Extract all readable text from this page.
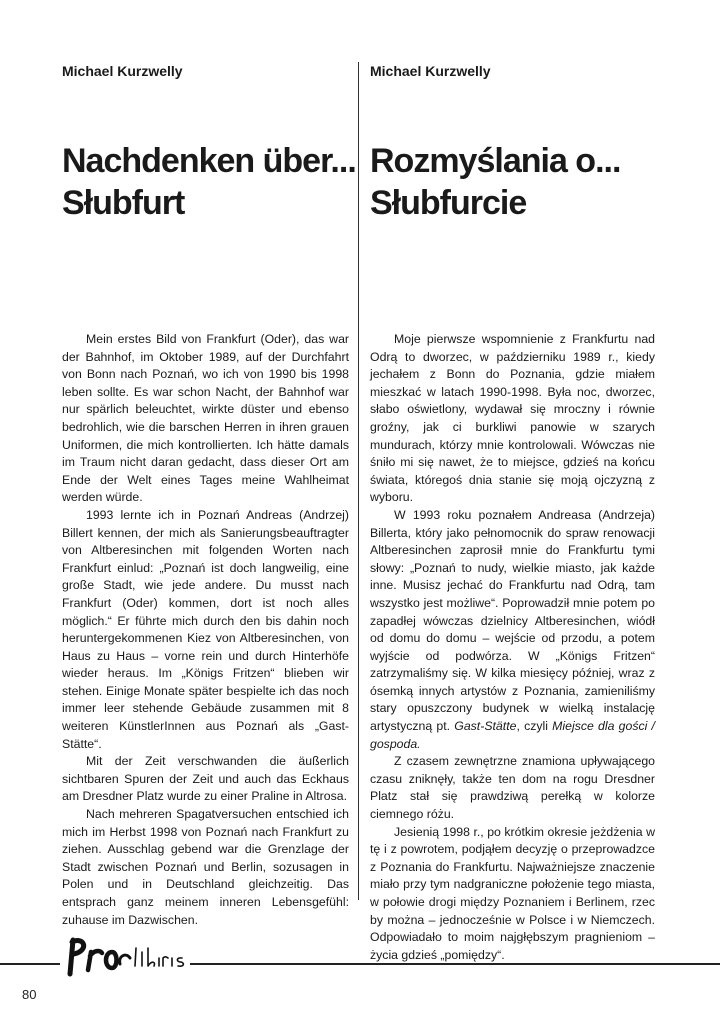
Michael Kurzwelly
Nachdenken über...
Słubfurt

Mein erstes Bild von Frankfurt (Oder), das war der Bahnhof, im Oktober 1989, auf der Durchfahrt von Bonn nach Poznań, wo ich von 1990 bis 1998 leben sollte. Es war schon Nacht, der Bahnhof war nur spärlich beleuchtet, wirkte düster und ebenso bedrohlich, wie die barschen Herren in ihren grauen Uniformen, die mich kontrollierten. Ich hätte damals im Traum nicht daran gedacht, dass dieser Ort am Ende der Welt eines Tages meine Wahlheimat werden würde.

1993 lernte ich in Poznań Andreas (Andrzej) Billert kennen, der mich als Sanierungsbeauftragter von Altberesinchen mit folgenden Worten nach Frankfurt einlud: „Poznań ist doch langweilig, eine große Stadt, wie jede andere. Du musst nach Frankfurt (Oder) kommen, dort ist noch alles möglich.“ Er führte mich durch den bis dahin noch heruntergekommenen Kiez von Altberesinchen, von Haus zu Haus – vorne rein und durch Hinterhöfe wieder heraus. Im „Königs Fritzen“ blieben wir stehen. Einige Monate später bespielte ich das noch immer leer stehende Gebäude zusammen mit 8 weiteren KünstlerInnen aus Poznań als „Gast-Stätte“.

Mit der Zeit verschwanden die äußerlich sichtbaren Spuren der Zeit und auch das Eckhaus am Dresdner Platz wurde zu einer Praline in Altrosa.

Nach mehreren Spagatversuchen entschied ich mich im Herbst 1998 von Poznań nach Frankfurt zu ziehen. Ausschlag gebend war die Grenzlage der Stadt zwischen Poznań und Berlin, sozusagen in Polen und in Deutschland gleichzeitig. Das entsprach ganz meinem inneren Lebensgefühl: zuhause im Dazwischen.

Michael Kurzwelly
Rozmyślania o...
Słubfurcie

Moje pierwsze wspomnienie z Frankfurtu nad Odrą to dworzec, w październiku 1989 r., kiedy jechałem z Bonn do Poznania, gdzie miałem mieszkać w latach 1990-1998. Była noc, dworzec, słabo oświetlony, wydawał się mroczny i równie groźny, jak ci burkliwi panowie w szarych mundurach, którzy mnie kontrolowali. Wówczas nie śniło mi się nawet, że to miejsce, gdzieś na końcu świata, któregoś dnia stanie się moją ojczyzną z wyboru.

W 1993 roku poznałem Andreasa (Andrzeja) Billerta, który jako pełnomocnik do spraw renowacji Altberesinchen zaprosił mnie do Frankfurtu tymi słowy: „Poznań to nudy, wielkie miasto, jak każde inne. Musisz jechać do Frankfurtu nad Odrą, tam wszystko jest możliwe“. Poprowadził mnie potem po zapadłej wówczas dzielnicy Altberesinchen, wiódł od domu do domu – wejście od przodu, a potem wyjście od podwórza. W „Königs Fritzen“ zatrzymaliśmy się. W kilka miesięcy później, wraz z ósemką innych artystów z Poznania, zamieniliśmy stary opuszczony budynek w wielką instalację artystyczną pt. Gast-Stätte, czyli Miejsce dla gości / gospoda.

Z czasem zewnętrzne znamiona upływającego czasu zniknęły, także ten dom na rogu Dresdner Platz stał się prawdziwą perełką w kolorze ciemnego różu.

Jesienią 1998 r., po krótkim okresie jeżdżenia w tę i z powrotem, podjąłem decyzję o przeprowadzce z Poznania do Frankfurtu. Najważniejsze znaczenie miało przy tym nadgraniczne położenie tego miasta, w połowie drogi między Poznaniem i Berlinem, rzec by można – jednocześnie w Polsce i w Niemczech. Odpowiadało to moim najgłębszym pragnieniom – życia gdzieś „pomiędzy“.

80
